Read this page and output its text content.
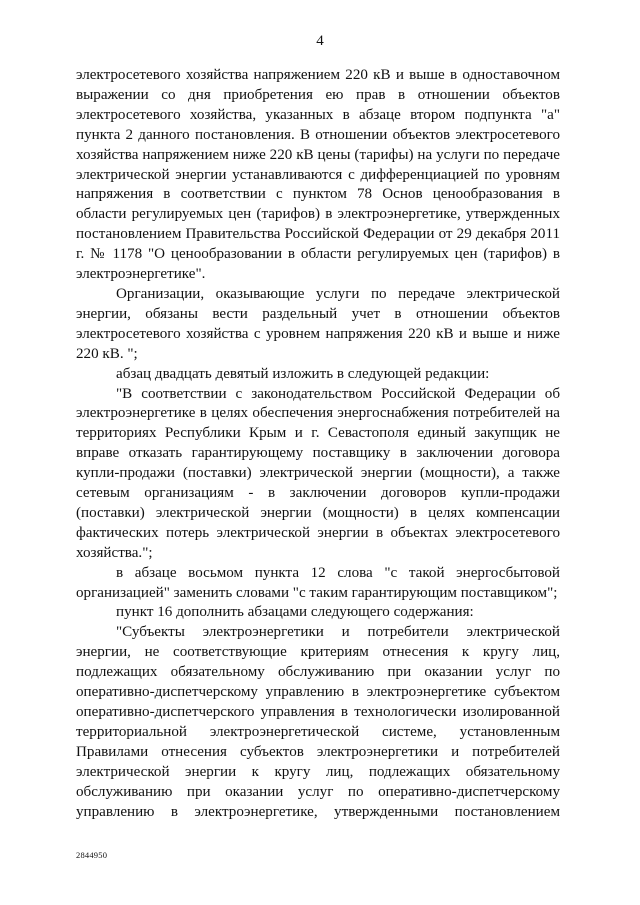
4

электросетевого хозяйства напряжением 220 кВ и выше в одноставочном выражении со дня приобретения ею прав в отношении объектов электросетевого хозяйства, указанных в абзаце втором подпункта "а" пункта 2 данного постановления. В отношении объектов электросетевого хозяйства напряжением ниже 220 кВ цены (тарифы) на услуги по передаче электрической энергии устанавливаются с дифференциацией по уровням напряжения в соответствии с пунктом 78 Основ ценообразования в области регулируемых цен (тарифов) в электроэнергетике, утвержденных постановлением Правительства Российской Федерации от 29 декабря 2011 г. № 1178 "О ценообразовании в области регулируемых цен (тарифов) в электроэнергетике".

Организации, оказывающие услуги по передаче электрической энергии, обязаны вести раздельный учет в отношении объектов электросетевого хозяйства с уровнем напряжения 220 кВ и выше и ниже 220 кВ. ";

абзац двадцать девятый изложить в следующей редакции:

"В соответствии с законодательством Российской Федерации об электроэнергетике в целях обеспечения энергоснабжения потребителей на территориях Республики Крым и г. Севастополя единый закупщик не вправе отказать гарантирующему поставщику в заключении договора купли-продажи (поставки) электрической энергии (мощности), а также сетевым организациям - в заключении договоров купли-продажи (поставки) электрической энергии (мощности) в целях компенсации фактических потерь электрической энергии в объектах электросетевого хозяйства.";

в абзаце восьмом пункта 12 слова "с такой энергосбытовой организацией" заменить словами "с таким гарантирующим поставщиком";

пункт 16 дополнить абзацами следующего содержания:

"Субъекты электроэнергетики и потребители электрической энергии, не соответствующие критериям отнесения к кругу лиц, подлежащих обязательному обслуживанию при оказании услуг по оперативно-диспетчерскому управлению в электроэнергетике субъектом оперативно-диспетчерского управления в технологически изолированной территориальной электроэнергетической системе, установленным Правилами отнесения субъектов электроэнергетики и потребителей электрической энергии к кругу лиц, подлежащих обязательному обслуживанию при оказании услуг по оперативно-диспетчерскому управлению в электроэнергетике, утвержденными постановлением

2844950
